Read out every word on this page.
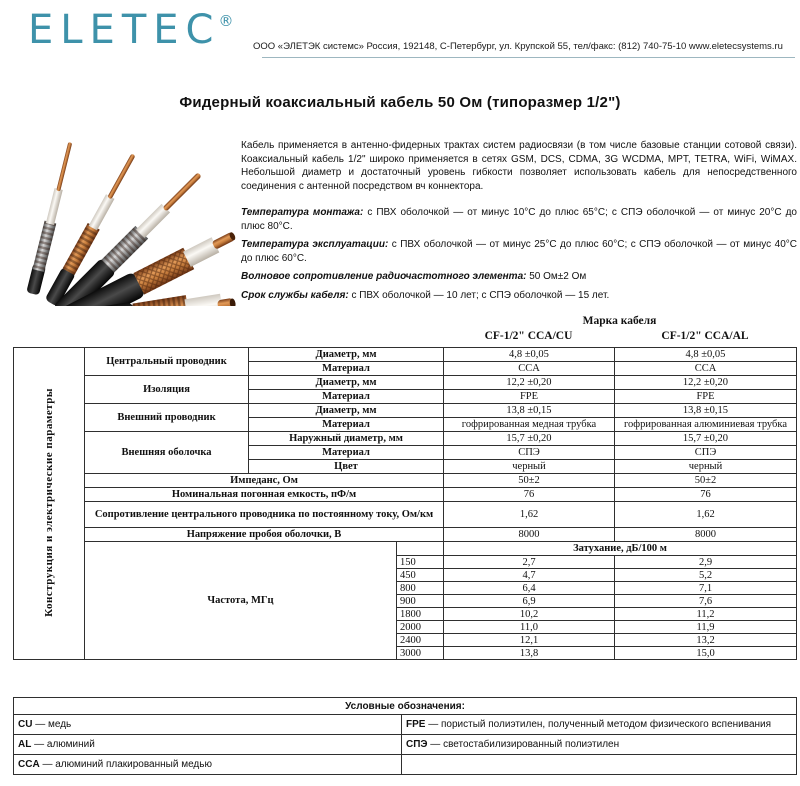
ELETEC®
ООО «ЭЛЕТЭК системс» Россия, 192148, С-Петербург, ул. Крупской 55, тел/факс: (812) 740-75-10 www.eletecsystems.ru
Фидерный коаксиальный кабель 50 Ом (типоразмер 1/2")

Кабель применяется в антенно-фидерных трактах систем радиосвязи (в том числе базовые станции сотовой связи). Коаксиальный кабель 1/2" широко применяется в сетях GSM, DCS, CDMA, 3G WCDMA, MPT, TETRA, WiFi, WiMAX. Небольшой диаметр и достаточный уровень гибкости позволяет использовать кабель для непосредственного соединения с антенной посредством вч коннектора.

Температура монтажа: с ПВХ оболочкой — от минус 10°С до плюс 65°С; с СПЭ оболочкой — от минус 20°С до плюс 80°С.

Температура эксплуатации: с ПВХ оболочкой — от минус 25°С до плюс 60°С; с СПЭ оболочкой — от минус 40°С до плюс 60°С.

Волновое сопротивление радиочастотного элемента: 50 Ом±2 Ом

Срок службы кабеля: с ПВХ оболочкой — 10 лет; с СПЭ оболочкой — 15 лет.

Марка кабеля
CF-1/2" CCA/CU	CF-1/2" CCA/AL
Конструкция и электрические параметры	Центральный проводник	Диаметр, мм		4,8 ±0,05	4,8 ±0,05
		Материал		CCA	CCA
	Изоляция	Диаметр, мм		12,2 ±0,20	12,2 ±0,20
		Материал		FPE	FPE
	Внешний проводник	Диаметр, мм		13,8 ±0,15	13,8 ±0,15
		Материал		гофрированная медная трубка	гофрированная алюминиевая трубка
	Внешняя оболочка	Наружный диаметр, мм		15,7 ±0,20	15,7 ±0,20
		Материал		СПЭ	СПЭ
		Цвет		черный	черный
	Импеданс, Ом			50±2	50±2
	Номинальная погонная емкость, пФ/м			76	76
	Сопротивление центрального проводника по постоянному току, Ом/км			1,62	1,62
	Напряжение пробоя оболочки, В			8000	8000
	Частота, МГц			Затухание, дБ/100 м	
			150	2,7	2,9
			450	4,7	5,2
			800	6,4	7,1
			900	6,9	7,6
			1800	10,2	11,2
			2000	11,0	11,9
			2400	12,1	13,2
			3000	13,8	15,0
Условные обозначения:	
CU — медь	FPE — пористый полиэтилен, полученный методом физического вспенивания
AL — алюминий	СПЭ — светостабилизированный полиэтилен
CCA — алюминий плакированный медью	
